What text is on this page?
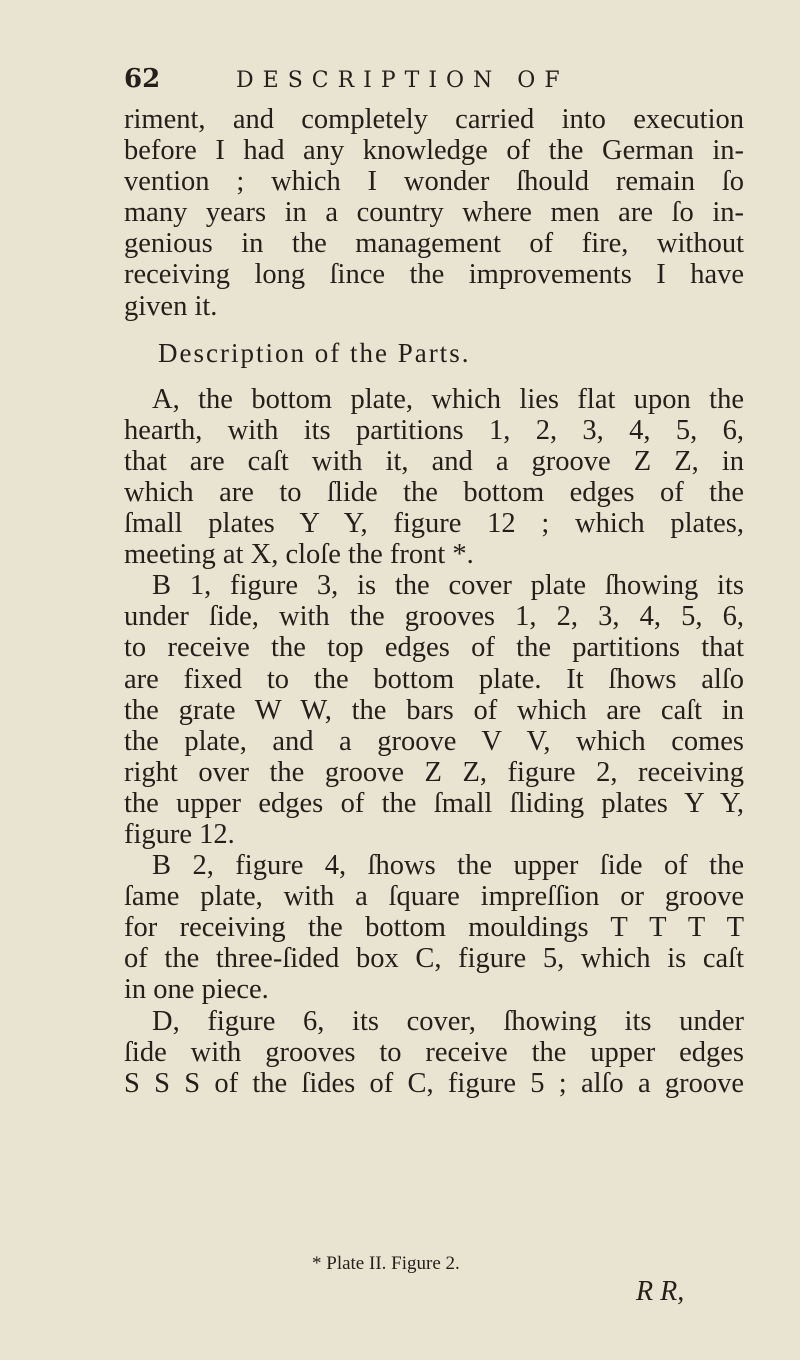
62	DESCRIPTION OF
riment, and completely carried into execution
before I had any knowledge of the German in-
vention ; which I wonder ſhould remain ſo
many years in a country where men are ſo in-
genious in the management of fire, without
receiving long ſince the improvements I have
given it.
Description of the Parts.
A, the bottom plate, which lies flat upon the
hearth, with its partitions 1, 2, 3, 4, 5, 6,
that are caſt with it, and a groove Z Z, in
which are to ſlide the bottom edges of the
ſmall plates Y Y, figure 12 ; which plates,
meeting at X, cloſe the front *.
B 1, figure 3, is the cover plate ſhowing its
under ſide, with the grooves 1, 2, 3, 4, 5, 6,
to receive the top edges of the partitions that
are fixed to the bottom plate. It ſhows alſo
the grate W W, the bars of which are caſt in
the plate, and a groove V V, which comes
right over the groove Z Z, figure 2, receiving
the upper edges of the ſmall ſliding plates Y Y,
figure 12.
B 2, figure 4, ſhows the upper ſide of the
ſame plate, with a ſquare impreſſion or groove
for receiving the bottom mouldings T T T T
of the three-ſided box C, figure 5, which is caſt
in one piece.
D, figure 6, its cover, ſhowing its under
ſide with grooves to receive the upper edges
S S S of the ſides of C, figure 5 ; alſo a groove
* Plate II. Figure 2.
R R,
